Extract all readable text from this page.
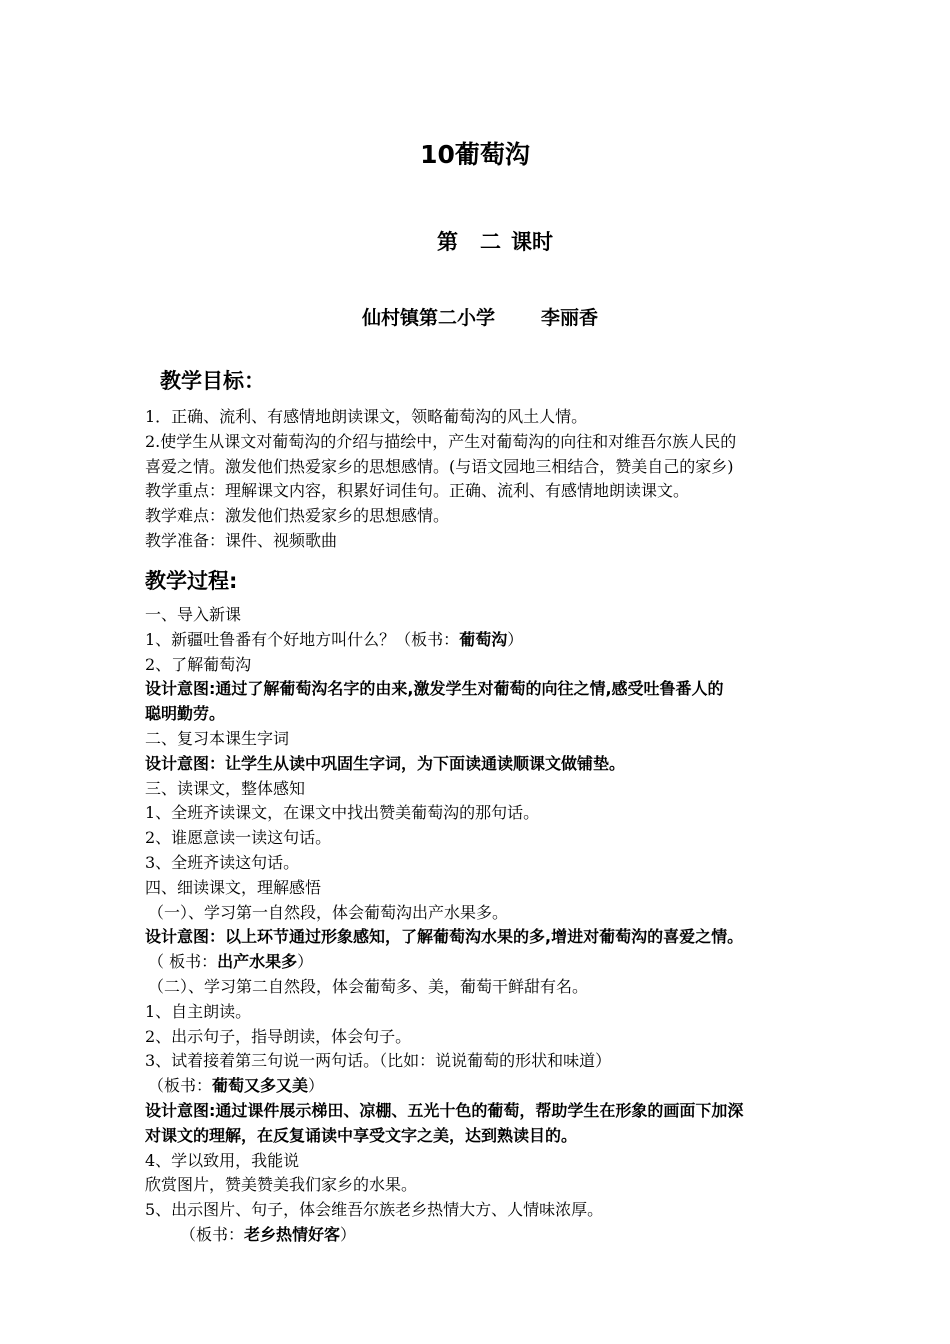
10葡萄沟
第 二 课时
仙村镇第二小学 李丽香
教学目标：
1．正确、流利、有感情地朗读课文，领略葡萄沟的风土人情。
2.使学生从课文对葡萄沟的介绍与描绘中，产生对葡萄沟的向往和对维吾尔族人民的
喜爱之情。激发他们热爱家乡的思想感情。(与语文园地三相结合，赞美自己的家乡)
教学重点：理解课文内容，积累好词佳句。正确、流利、有感情地朗读课文。
教学难点：激发他们热爱家乡的思想感情。
教学准备：课件、视频歌曲
教学过程:
一、导入新课
1、新疆吐鲁番有个好地方叫什么？（板书：葡萄沟）
2、了解葡萄沟
设计意图:通过了解葡萄沟名字的由来,激发学生对葡萄的向往之情,感受吐鲁番人的
聪明勤劳。
二、复习本课生字词
设计意图：让学生从读中巩固生字词，为下面读通读顺课文做铺垫。
三、读课文，整体感知
1、全班齐读课文，在课文中找出赞美葡萄沟的那句话。
2、谁愿意读一读这句话。
3、全班齐读这句话。
四、细读课文，理解感悟
（一）、学习第一自然段，体会葡萄沟出产水果多。
设计意图：以上环节通过形象感知，了解葡萄沟水果的多,增进对葡萄沟的喜爱之情。
（ 板书：出产水果多）
（二）、学习第二自然段，体会葡萄多、美，葡萄干鲜甜有名。
1、自主朗读。
2、出示句子，指导朗读，体会句子。
3、试着接着第三句说一两句话。（比如：说说葡萄的形状和味道）
（板书：葡萄又多又美）
设计意图:通过课件展示梯田、凉棚、五光十色的葡萄，帮助学生在形象的画面下加深
对课文的理解，在反复诵读中享受文字之美，达到熟读目的。
4、学以致用，我能说
欣赏图片，赞美赞美我们家乡的水果。
5、出示图片、句子，体会维吾尔族老乡热情大方、人情味浓厚。
（板书：老乡热情好客）
